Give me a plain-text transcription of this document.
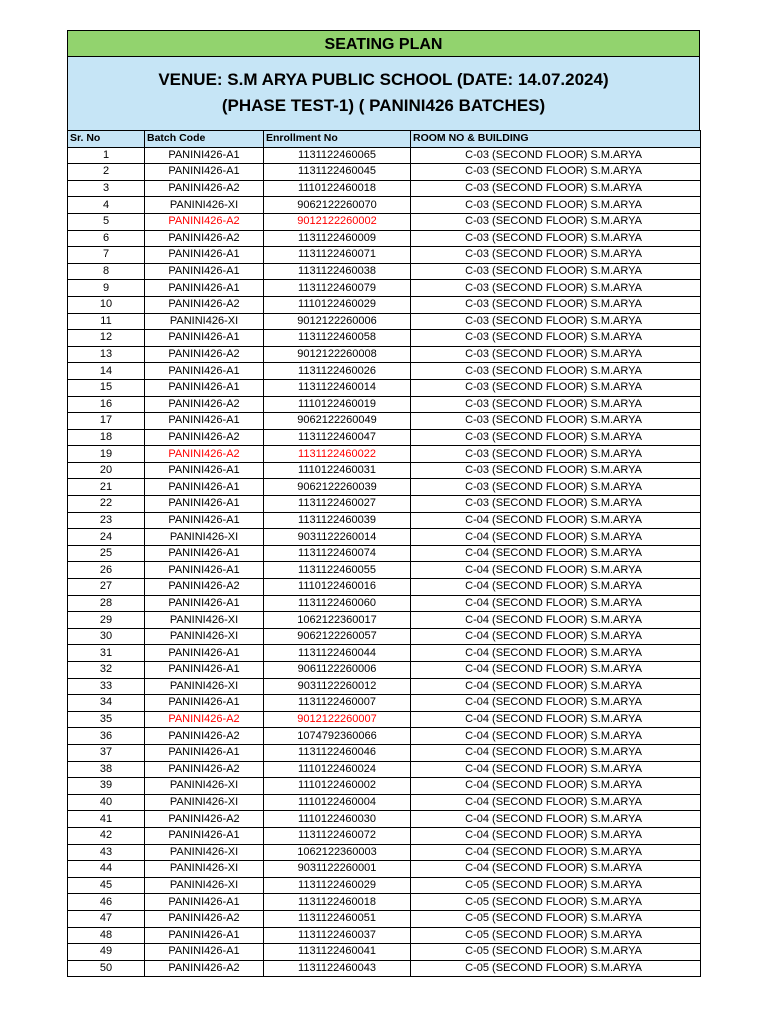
SEATING PLAN
VENUE: S.M ARYA PUBLIC SCHOOL (DATE: 14.07.2024)
(PHASE TEST-1) ( PANINI426 BATCHES)
Sr. No	Batch Code	Enrollment No	ROOM NO & BUILDING
1	PANINI426-A1	1131122460065	C-03 (SECOND FLOOR) S.M.ARYA
2	PANINI426-A1	1131122460045	C-03 (SECOND FLOOR) S.M.ARYA
3	PANINI426-A2	1110122460018	C-03 (SECOND FLOOR) S.M.ARYA
4	PANINI426-XI	9062122260070	C-03 (SECOND FLOOR) S.M.ARYA
5	PANINI426-A2	9012122260002	C-03 (SECOND FLOOR) S.M.ARYA
6	PANINI426-A2	1131122460009	C-03 (SECOND FLOOR) S.M.ARYA
7	PANINI426-A1	1131122460071	C-03 (SECOND FLOOR) S.M.ARYA
8	PANINI426-A1	1131122460038	C-03 (SECOND FLOOR) S.M.ARYA
9	PANINI426-A1	1131122460079	C-03 (SECOND FLOOR) S.M.ARYA
10	PANINI426-A2	1110122460029	C-03 (SECOND FLOOR) S.M.ARYA
11	PANINI426-XI	9012122260006	C-03 (SECOND FLOOR) S.M.ARYA
12	PANINI426-A1	1131122460058	C-03 (SECOND FLOOR) S.M.ARYA
13	PANINI426-A2	9012122260008	C-03 (SECOND FLOOR) S.M.ARYA
14	PANINI426-A1	1131122460026	C-03 (SECOND FLOOR) S.M.ARYA
15	PANINI426-A1	1131122460014	C-03 (SECOND FLOOR) S.M.ARYA
16	PANINI426-A2	1110122460019	C-03 (SECOND FLOOR) S.M.ARYA
17	PANINI426-A1	9062122260049	C-03 (SECOND FLOOR) S.M.ARYA
18	PANINI426-A2	1131122460047	C-03 (SECOND FLOOR) S.M.ARYA
19	PANINI426-A2	1131122460022	C-03 (SECOND FLOOR) S.M.ARYA
20	PANINI426-A1	1110122460031	C-03 (SECOND FLOOR) S.M.ARYA
21	PANINI426-A1	9062122260039	C-03 (SECOND FLOOR) S.M.ARYA
22	PANINI426-A1	1131122460027	C-03 (SECOND FLOOR) S.M.ARYA
23	PANINI426-A1	1131122460039	C-04 (SECOND FLOOR) S.M.ARYA
24	PANINI426-XI	9031122260014	C-04 (SECOND FLOOR) S.M.ARYA
25	PANINI426-A1	1131122460074	C-04 (SECOND FLOOR) S.M.ARYA
26	PANINI426-A1	1131122460055	C-04 (SECOND FLOOR) S.M.ARYA
27	PANINI426-A2	1110122460016	C-04 (SECOND FLOOR) S.M.ARYA
28	PANINI426-A1	1131122460060	C-04 (SECOND FLOOR) S.M.ARYA
29	PANINI426-XI	1062122360017	C-04 (SECOND FLOOR) S.M.ARYA
30	PANINI426-XI	9062122260057	C-04 (SECOND FLOOR) S.M.ARYA
31	PANINI426-A1	1131122460044	C-04 (SECOND FLOOR) S.M.ARYA
32	PANINI426-A1	9061122260006	C-04 (SECOND FLOOR) S.M.ARYA
33	PANINI426-XI	9031122260012	C-04 (SECOND FLOOR) S.M.ARYA
34	PANINI426-A1	1131122460007	C-04 (SECOND FLOOR) S.M.ARYA
35	PANINI426-A2	9012122260007	C-04 (SECOND FLOOR) S.M.ARYA
36	PANINI426-A2	1074792360066	C-04 (SECOND FLOOR) S.M.ARYA
37	PANINI426-A1	1131122460046	C-04 (SECOND FLOOR) S.M.ARYA
38	PANINI426-A2	1110122460024	C-04 (SECOND FLOOR) S.M.ARYA
39	PANINI426-XI	1110122460002	C-04 (SECOND FLOOR) S.M.ARYA
40	PANINI426-XI	1110122460004	C-04 (SECOND FLOOR) S.M.ARYA
41	PANINI426-A2	1110122460030	C-04 (SECOND FLOOR) S.M.ARYA
42	PANINI426-A1	1131122460072	C-04 (SECOND FLOOR) S.M.ARYA
43	PANINI426-XI	1062122360003	C-04 (SECOND FLOOR) S.M.ARYA
44	PANINI426-XI	9031122260001	C-04 (SECOND FLOOR) S.M.ARYA
45	PANINI426-XI	1131122460029	C-05 (SECOND FLOOR) S.M.ARYA
46	PANINI426-A1	1131122460018	C-05 (SECOND FLOOR) S.M.ARYA
47	PANINI426-A2	1131122460051	C-05 (SECOND FLOOR) S.M.ARYA
48	PANINI426-A1	1131122460037	C-05 (SECOND FLOOR) S.M.ARYA
49	PANINI426-A1	1131122460041	C-05 (SECOND FLOOR) S.M.ARYA
50	PANINI426-A2	1131122460043	C-05 (SECOND FLOOR) S.M.ARYA
